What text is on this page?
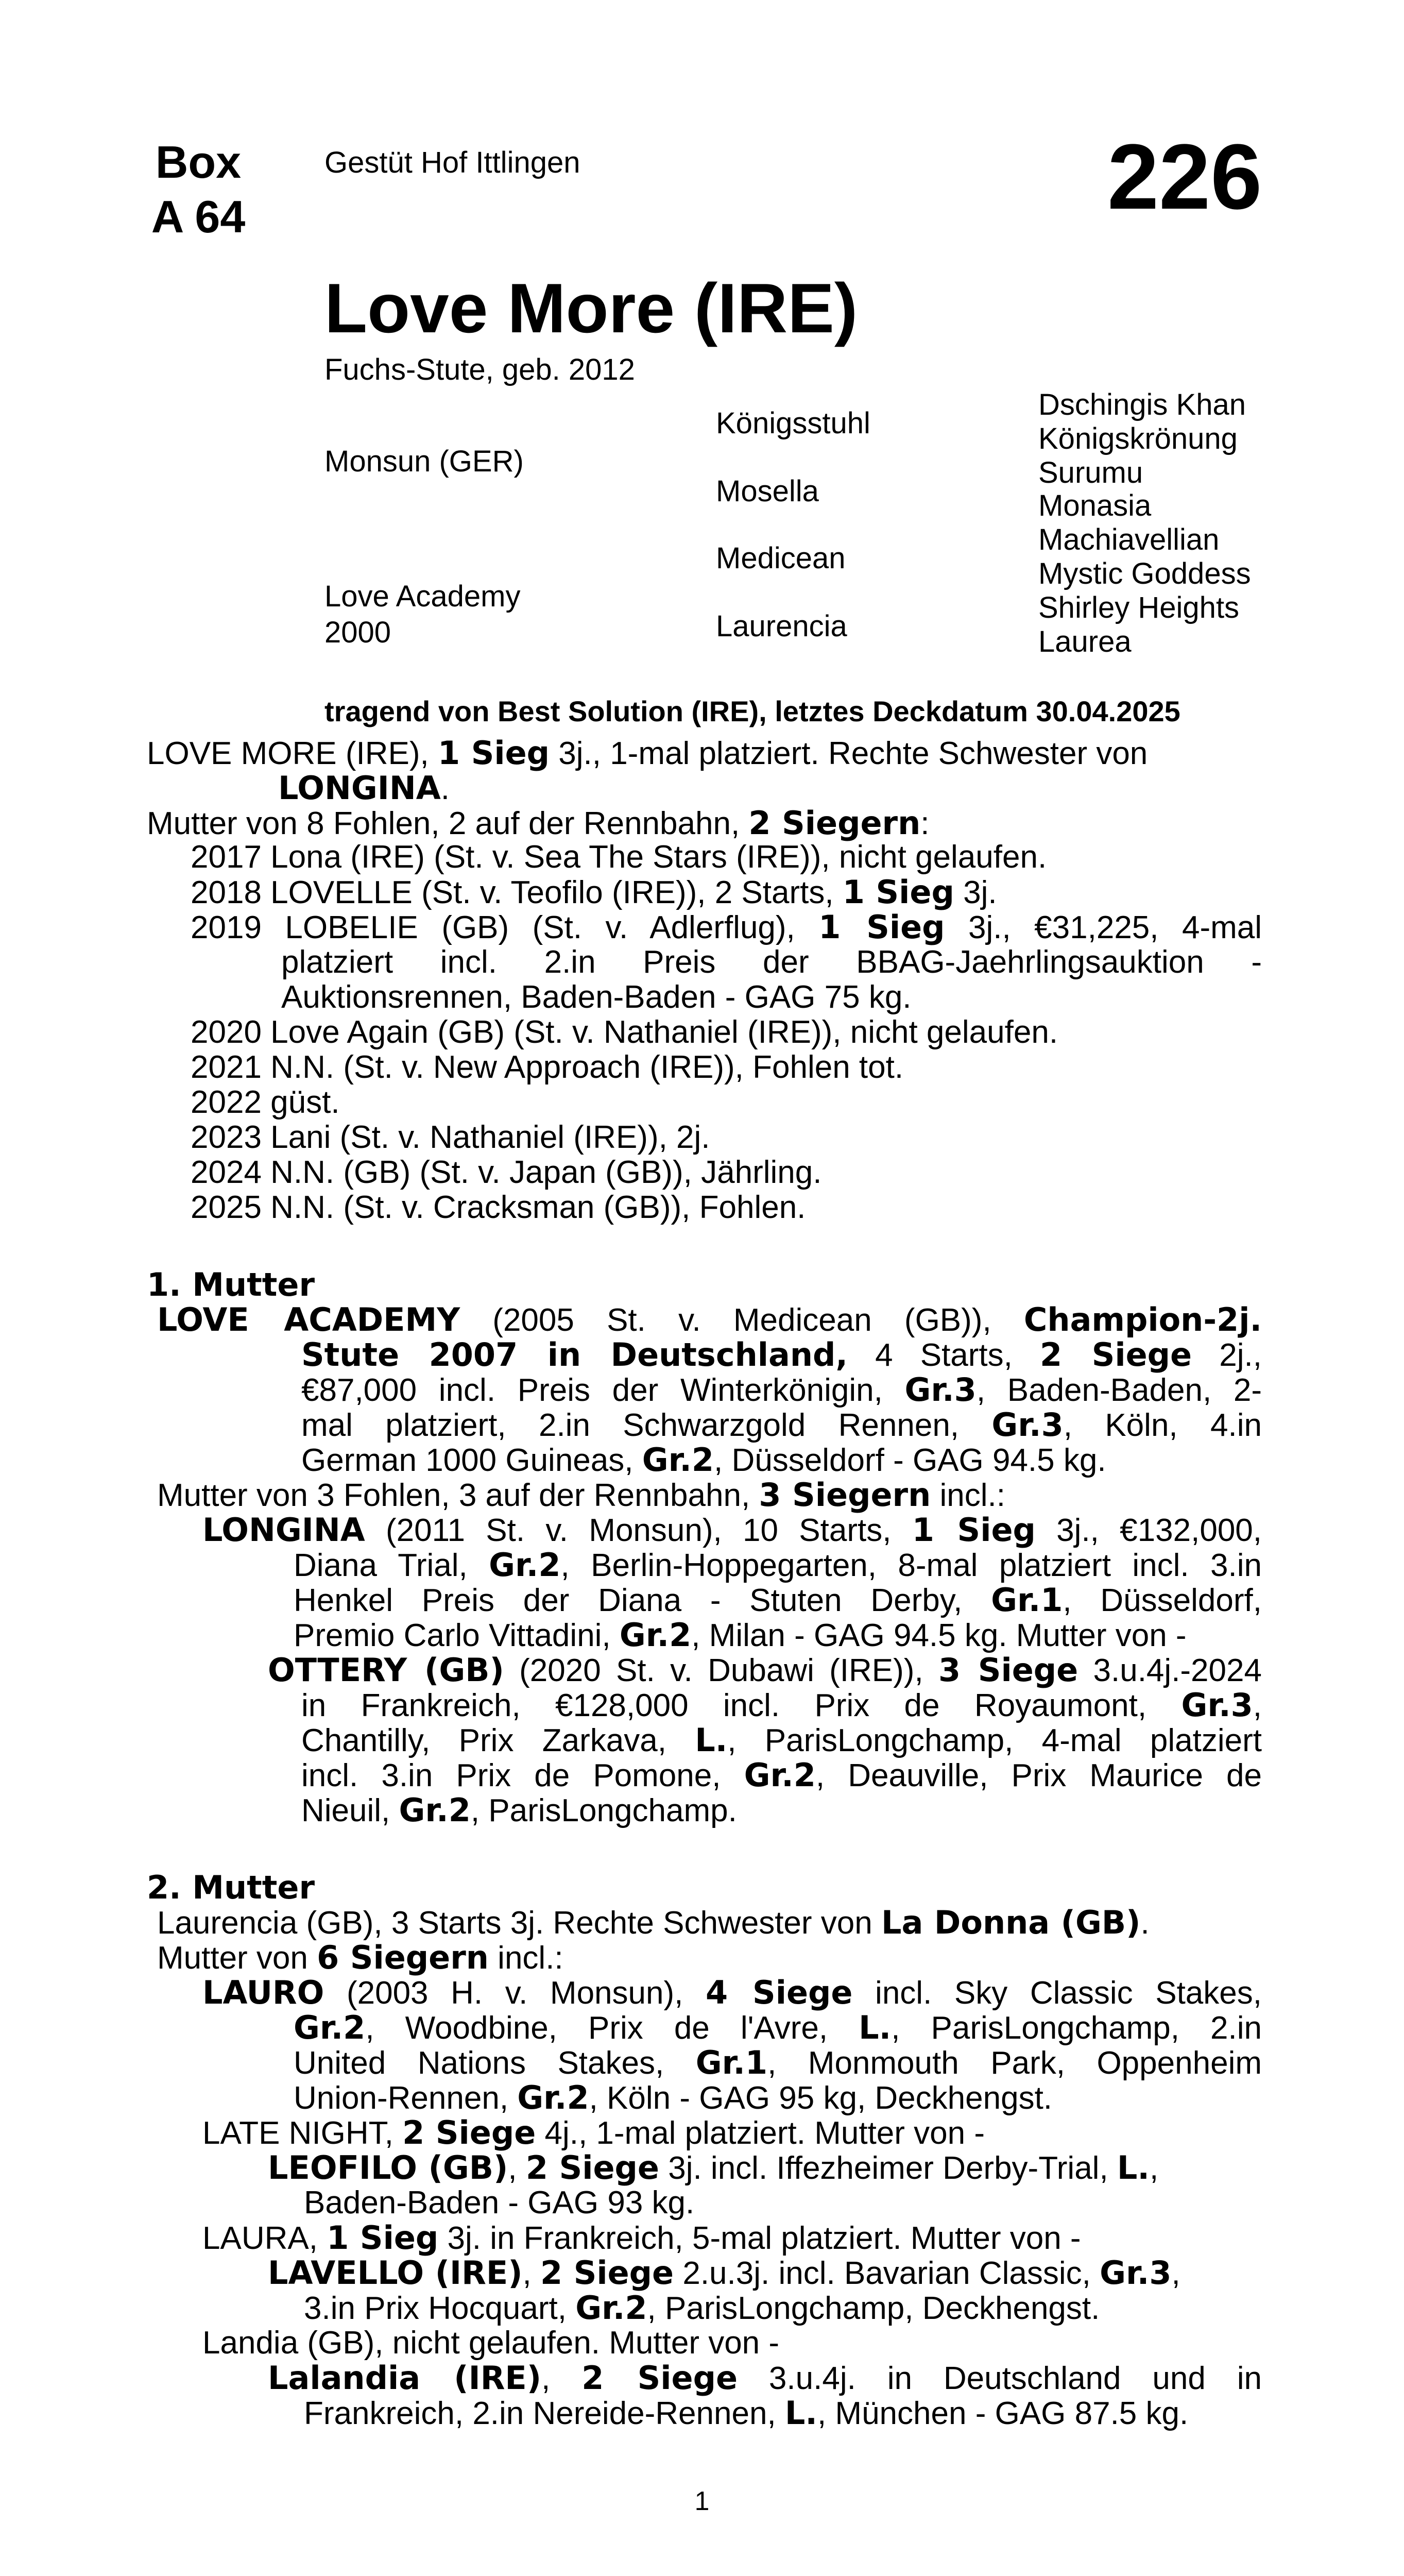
Box
A 64
Gestüt Hof Ittlingen	226
Love More (IRE)
Fuchs-Stute, geb. 2012
Monsun (GER)
Love Academy
2000
Königsstuhl
Mosella
Medicean
Laurencia
Dschingis Khan
Königskrönung
Surumu
Monasia
Machiavellian
Mystic Goddess
Shirley Heights
Laurea
tragend von Best Solution (IRE), letztes Deckdatum 30.04.2025
LOVE MORE (IRE), 1 Sieg 3j., 1-mal platziert. Rechte Schwester von
LONGINA.
Mutter von 8 Fohlen, 2 auf der Rennbahn, 2 Siegern:
2017 Lona (IRE) (St. v. Sea The Stars (IRE)), nicht gelaufen.
2018 LOVELLE (St. v. Teofilo (IRE)), 2 Starts, 1 Sieg 3j.
2019 LOBELIE (GB) (St. v. Adlerflug), 1 Sieg 3j., €31,225, 4-mal
platziert incl. 2.in Preis der BBAG-Jaehrlingsauktion -
Auktionsrennen, Baden-Baden - GAG 75 kg.
2020 Love Again (GB) (St. v. Nathaniel (IRE)), nicht gelaufen.
2021 N.N. (St. v. New Approach (IRE)), Fohlen tot.
2022 güst.
2023 Lani (St. v. Nathaniel (IRE)), 2j.
2024 N.N. (GB) (St. v. Japan (GB)), Jährling.
2025 N.N. (St. v. Cracksman (GB)), Fohlen.
1. Mutter
LOVE ACADEMY (2005 St. v. Medicean (GB)), Champion-2j.
Stute 2007 in Deutschland, 4 Starts, 2 Siege 2j.,
€87,000 incl. Preis der Winterkönigin, Gr.3, Baden-Baden, 2-
mal platziert, 2.in Schwarzgold Rennen, Gr.3, Köln, 4.in
German 1000 Guineas, Gr.2, Düsseldorf - GAG 94.5 kg.
Mutter von 3 Fohlen, 3 auf der Rennbahn, 3 Siegern incl.:
LONGINA (2011 St. v. Monsun), 10 Starts, 1 Sieg 3j., €132,000,
Diana Trial, Gr.2, Berlin-Hoppegarten, 8-mal platziert incl. 3.in
Henkel Preis der Diana - Stuten Derby, Gr.1, Düsseldorf,
Premio Carlo Vittadini, Gr.2, Milan - GAG 94.5 kg. Mutter von -
OTTERY (GB) (2020 St. v. Dubawi (IRE)), 3 Siege 3.u.4j.-2024
in Frankreich, €128,000 incl. Prix de Royaumont, Gr.3,
Chantilly, Prix Zarkava, L., ParisLongchamp, 4-mal platziert
incl. 3.in Prix de Pomone, Gr.2, Deauville, Prix Maurice de
Nieuil, Gr.2, ParisLongchamp.
2. Mutter
Laurencia (GB), 3 Starts 3j. Rechte Schwester von La Donna (GB).
Mutter von 6 Siegern incl.:
LAURO (2003 H. v. Monsun), 4 Siege incl. Sky Classic Stakes,
Gr.2, Woodbine, Prix de l'Avre, L., ParisLongchamp, 2.in
United Nations Stakes, Gr.1, Monmouth Park, Oppenheim
Union-Rennen, Gr.2, Köln - GAG 95 kg, Deckhengst.
LATE NIGHT, 2 Siege 4j., 1-mal platziert. Mutter von -
LEOFILO (GB), 2 Siege 3j. incl. Iffezheimer Derby-Trial, L.,
Baden-Baden - GAG 93 kg.
LAURA, 1 Sieg 3j. in Frankreich, 5-mal platziert. Mutter von -
LAVELLO (IRE), 2 Siege 2.u.3j. incl. Bavarian Classic, Gr.3,
3.in Prix Hocquart, Gr.2, ParisLongchamp, Deckhengst.
Landia (GB), nicht gelaufen. Mutter von -
Lalandia (IRE), 2 Siege 3.u.4j. in Deutschland und in
Frankreich, 2.in Nereide-Rennen, L., München - GAG 87.5 kg.
1
